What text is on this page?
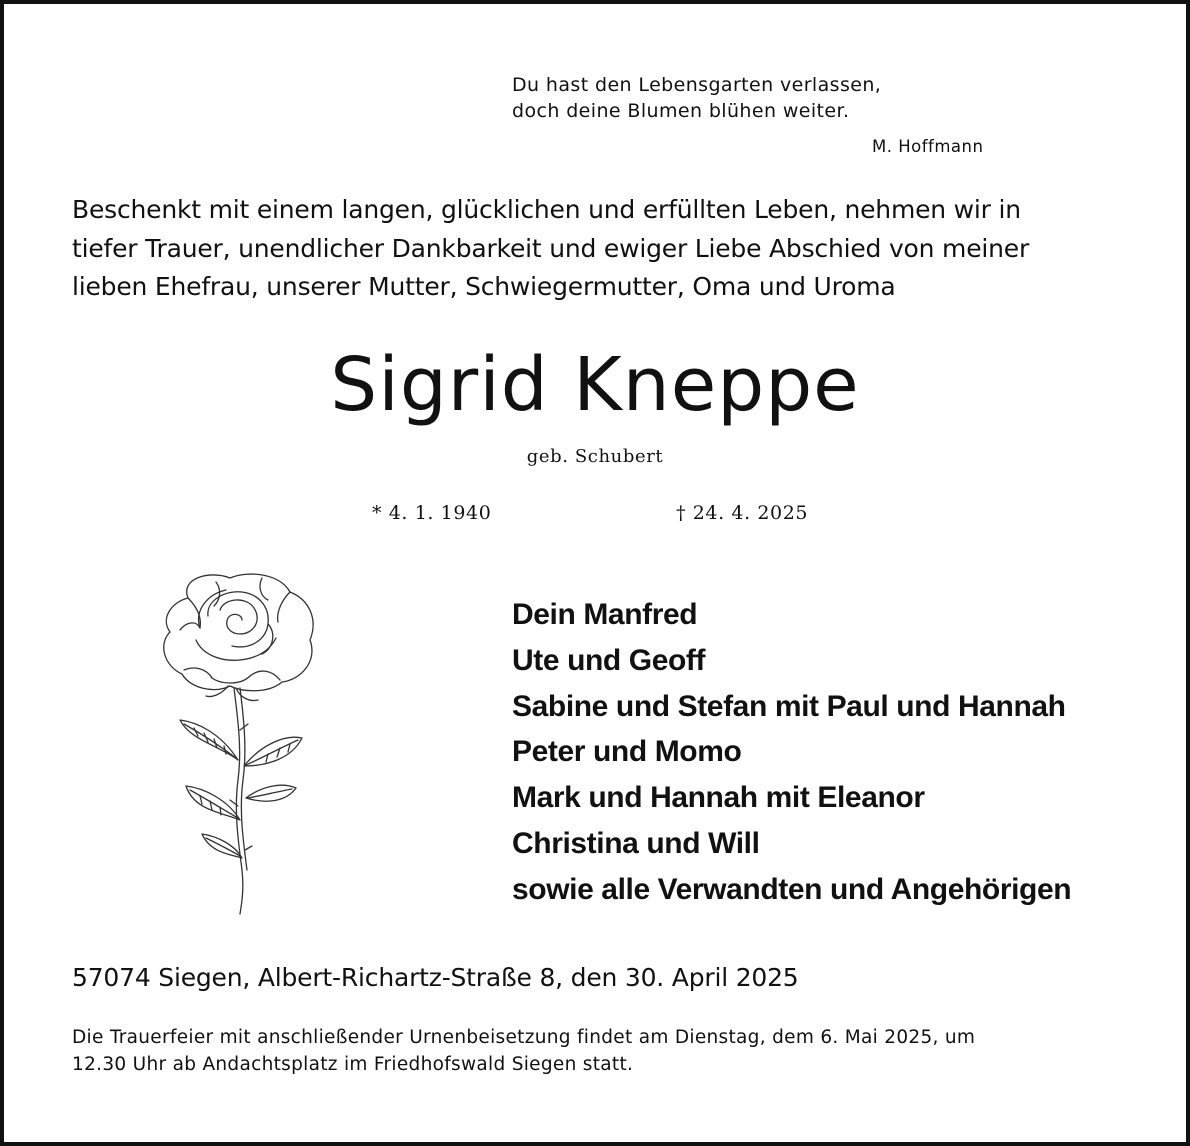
Du hast den Lebensgarten verlassen,
doch deine Blumen blühen weiter.
M. Hoffmann
Beschenkt mit einem langen, glücklichen und erfüllten Leben, nehmen wir in
tiefer Trauer, unendlicher Dankbarkeit und ewiger Liebe Abschied von meiner
lieben Ehefrau, unserer Mutter, Schwiegermutter, Oma und Uroma
Sigrid Kneppe
geb. Schubert
* 4. 1. 1940	† 24. 4. 2025
Dein Manfred
Ute und Geoff
Sabine und Stefan mit Paul und Hannah
Peter und Momo
Mark und Hannah mit Eleanor
Christina und Will
sowie alle Verwandten und Angehörigen
57074 Siegen, Albert-Richartz-Straße 8, den 30. April 2025
Die Trauerfeier mit anschließender Urnenbeisetzung findet am Dienstag, dem 6. Mai 2025, um
12.30 Uhr ab Andachtsplatz im Friedhofswald Siegen statt.
